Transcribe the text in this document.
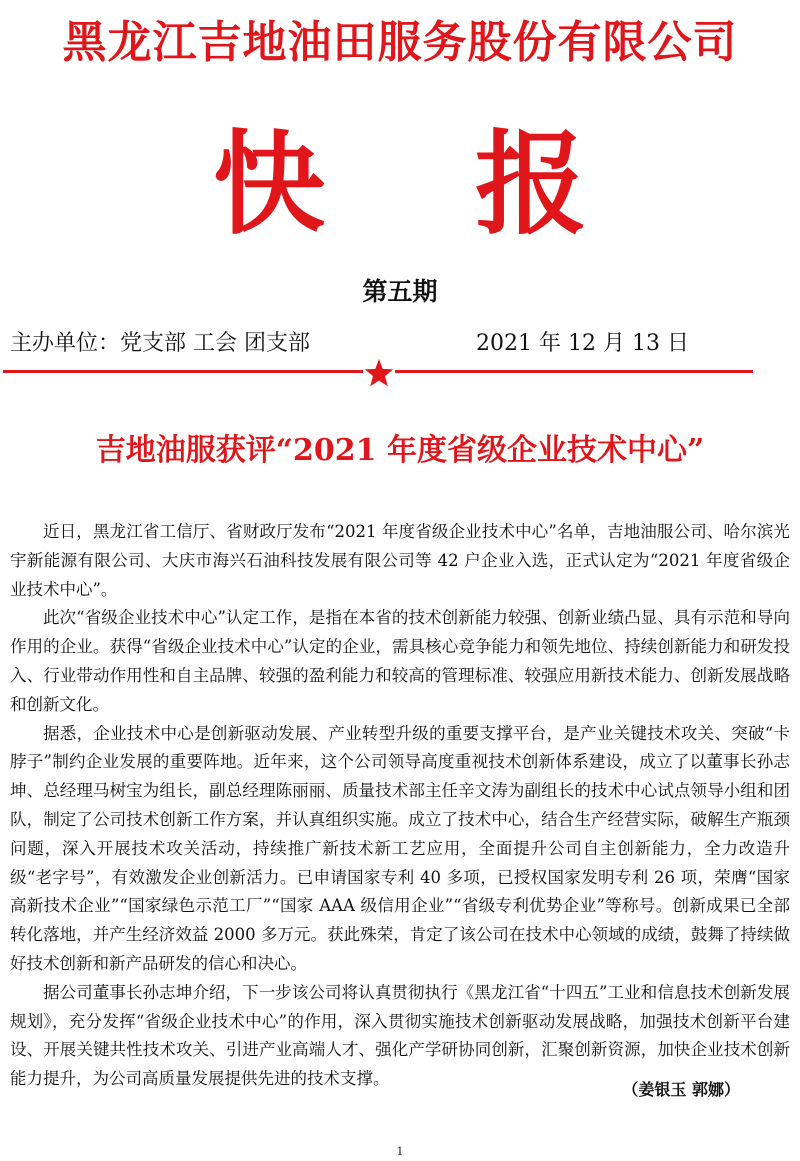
黑龙江吉地油田服务股份有限公司
快 报
第五期
主办单位：党支部 工会 团支部	2021 年 12 月 13 日
吉地油服获评“2021 年度省级企业技术中心”

近日，黑龙江省工信厅、省财政厅发布“2021 年度省级企业技术中心”名单，吉地油服公司、哈尔滨光宇新能源有限公司、大庆市海兴石油科技发展有限公司等 42 户企业入选，正式认定为“2021 年度省级企业技术中心”。

此次“省级企业技术中心”认定工作，是指在本省的技术创新能力较强、创新业绩凸显、具有示范和导向作用的企业。获得“省级企业技术中心”认定的企业，需具核心竞争能力和领先地位、持续创新能力和研发投入、行业带动作用性和自主品牌、较强的盈利能力和较高的管理标准、较强应用新技术能力、创新发展战略和创新文化。

据悉，企业技术中心是创新驱动发展、产业转型升级的重要支撑平台，是产业关键技术攻关、突破“卡脖子”制约企业发展的重要阵地。近年来，这个公司领导高度重视技术创新体系建设，成立了以董事长孙志坤、总经理马树宝为组长，副总经理陈丽丽、质量技术部主任辛文涛为副组长的技术中心试点领导小组和团队，制定了公司技术创新工作方案，并认真组织实施。成立了技术中心，结合生产经营实际，破解生产瓶颈问题，深入开展技术攻关活动，持续推广新技术新工艺应用，全面提升公司自主创新能力，全力改造升级“老字号”，有效激发企业创新活力。已申请国家专利 40 多项，已授权国家发明专利 26 项，荣膺“国家高新技术企业”“国家绿色示范工厂”“国家 AAA 级信用企业”“省级专利优势企业”等称号。创新成果已全部转化落地，并产生经济效益 2000 多万元。获此殊荣，肯定了该公司在技术中心领域的成绩，鼓舞了持续做好技术创新和新产品研发的信心和决心。

据公司董事长孙志坤介绍，下一步该公司将认真贯彻执行《黑龙江省“十四五”工业和信息技术创新发展规划》，充分发挥“省级企业技术中心”的作用，深入贯彻实施技术创新驱动发展战略，加强技术创新平台建设、开展关键共性技术攻关、引进产业高端人才、强化产学研协同创新，汇聚创新资源，加快企业技术创新能力提升，为公司高质量发展提供先进的技术支撑。

（姜银玉 郭娜）
1
